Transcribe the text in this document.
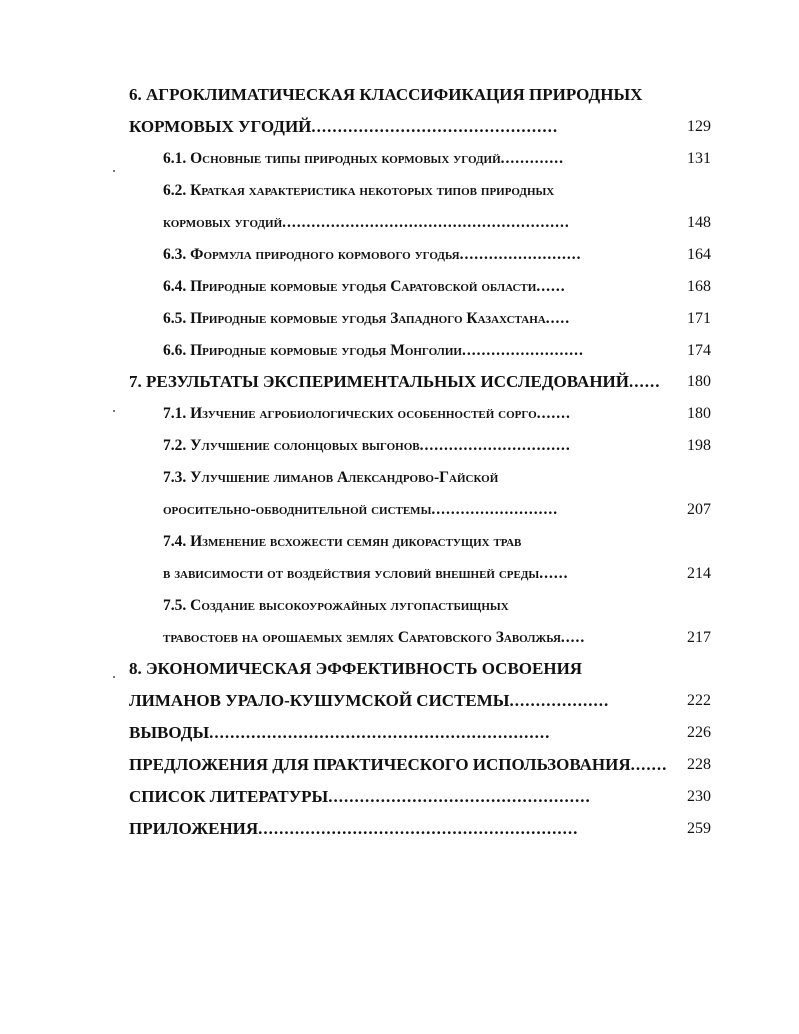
6. АГРОКЛИМАТИЧЕСКАЯ КЛАССИФИКАЦИЯ ПРИРОДНЫХ
КОРМОВЫХ УГОДИЙ...............................................	129
6.1. Основные типы природных кормовых угодий.............	131
6.2. Краткая характеристика некоторых типов природных
кормовых угодий...........................................................	148
6.3. Формула природного кормового угодья.........................	164
6.4. Природные кормовые угодья Саратовской области......	168
6.5. Природные кормовые угодья Западного Казахстана.....	171
6.6. Природные кормовые угодья Монголии.........................	174
7. РЕЗУЛЬТАТЫ ЭКСПЕРИМЕНТАЛЬНЫХ ИССЛЕДОВАНИЙ......	180
7.1. Изучение агробиологических особенностей сорго.......	180
7.2. Улучшение солонцовых выгонов...............................	198
7.3. Улучшение лиманов Александрово-Гайской
оросительно-обводнительной системы..........................	207
7.4. Изменение всхожести семян дикорастущих трав
в зависимости от воздействия условий внешней среды......	214
7.5. Создание высокоурожайных лугопастбищных
травостоев на орошаемых землях Саратовского Заволжья.....	217
8. ЭКОНОМИЧЕСКАЯ ЭФФЕКТИВНОСТЬ ОСВОЕНИЯ
ЛИМАНОВ УРАЛО-КУШУМСКОЙ СИСТЕМЫ...................	222
ВЫВОДЫ.................................................................	226
ПРЕДЛОЖЕНИЯ ДЛЯ ПРАКТИЧЕСКОГО ИСПОЛЬЗОВАНИЯ.......	228
СПИСОК ЛИТЕРАТУРЫ..................................................	230
ПРИЛОЖЕНИЯ.............................................................	259
